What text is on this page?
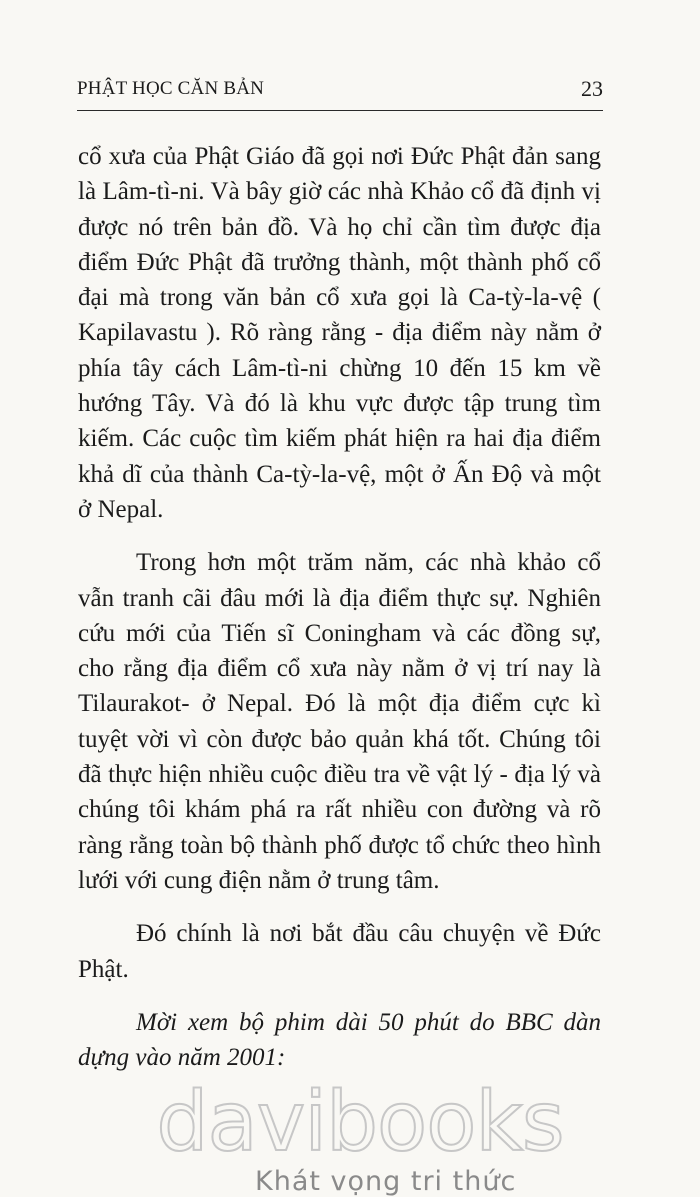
PHẬT HỌC CĂN BẢN	23

cổ xưa của Phật Giáo đã gọi nơi Đức Phật đản sang là Lâm-tì-ni. Và bây giờ các nhà Khảo cổ đã định vị được nó trên bản đồ. Và họ chỉ cần tìm được địa điểm Đức Phật đã trưởng thành, một thành phố cổ đại mà trong văn bản cổ xưa gọi là Ca-tỳ-la-vệ ( Kapilavastu ). Rõ ràng rằng - địa điểm này nằm ở phía tây cách Lâm-tì-ni chừng 10 đến 15 km về hướng Tây. Và đó là khu vực được tập trung tìm kiếm. Các cuộc tìm kiếm phát hiện ra hai địa điểm khả dĩ của thành Ca-tỳ-la-vệ, một ở Ấn Độ và một ở Nepal.

Trong hơn một trăm năm, các nhà khảo cổ vẫn tranh cãi đâu mới là địa điểm thực sự. Nghiên cứu mới của Tiến sĩ Coningham và các đồng sự, cho rằng địa điểm cổ xưa này nằm ở vị trí nay là Tilaurakot- ở Nepal. Đó là một địa điểm cực kì tuyệt vời vì còn được bảo quản khá tốt. Chúng tôi đã thực hiện nhiều cuộc điều tra về vật lý - địa lý và chúng tôi khám phá ra rất nhiều con đường và rõ ràng rằng toàn bộ thành phố được tổ chức theo hình lưới với cung điện nằm ở trung tâm.

Đó chính là nơi bắt đầu câu chuyện về Đức Phật.

Mời xem bộ phim dài 50 phút do BBC dàn dựng vào năm 2001:

davibooks
Khát vọng tri thức
